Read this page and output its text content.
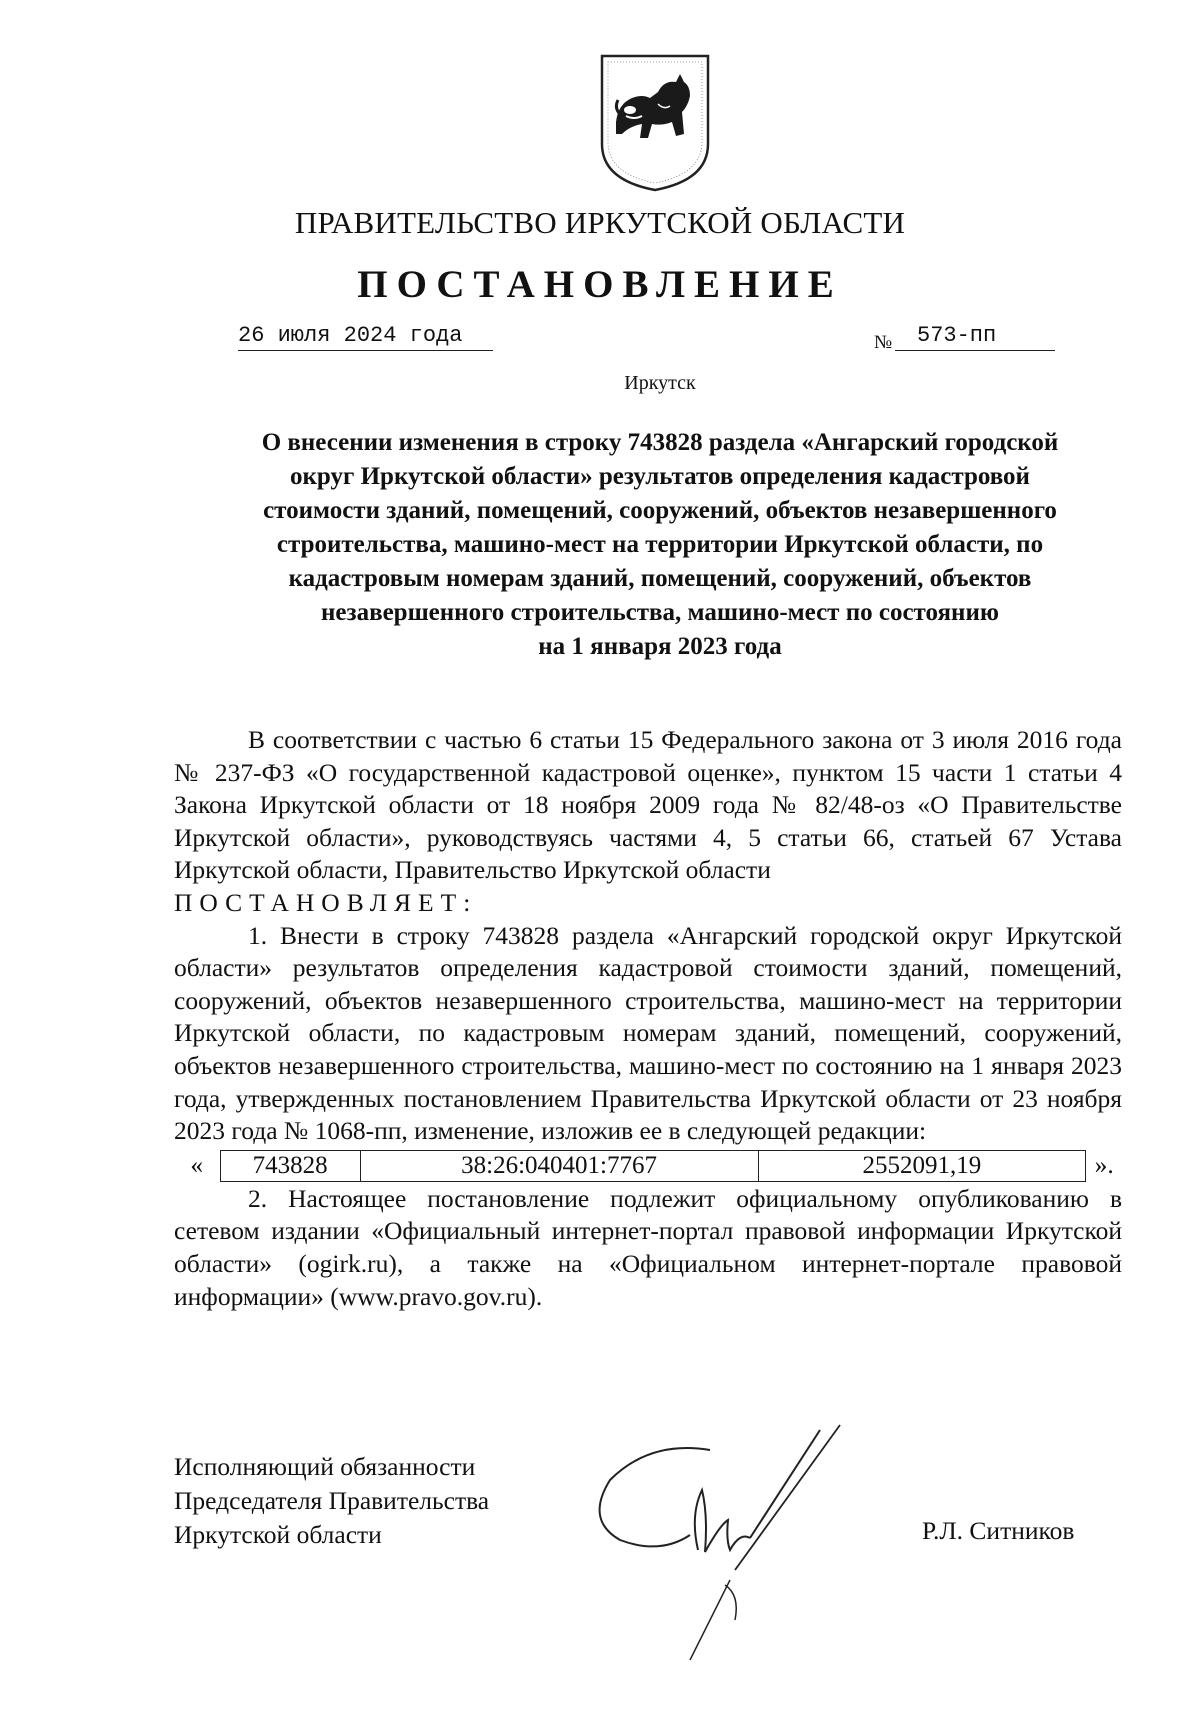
ПРАВИТЕЛЬСТВО ИРКУТСКОЙ ОБЛАСТИ
ПОСТАНОВЛЕНИЕ
26 июля 2024 года	№	573-пп
Иркутск
О внесении изменения в строку 743828 раздела «Ангарский городской
округ Иркутской области» результатов определения кадастровой
стоимости зданий, помещений, сооружений, объектов незавершенного
строительства, машино-мест на территории Иркутской области, по
кадастровым номерам зданий, помещений, сооружений, объектов
незавершенного строительства, машино-мест по состоянию
на 1 января 2023 года

В соответствии с частью 6 статьи 15 Федерального закона от 3 июля 2016 года № 237-ФЗ «О государственной кадастровой оценке», пунктом 15 части 1 статьи 4 Закона Иркутской области от 18 ноября 2009 года № 82/48-оз «О Правительстве Иркутской области», руководствуясь частями 4, 5 статьи 66, статьей 67 Устава Иркутской области, Правительство Иркутской области

ПОСТАНОВЛЯЕТ:

1. Внести в строку 743828 раздела «Ангарский городской округ Иркутской области» результатов определения кадастровой стоимости зданий, помещений, сооружений, объектов незавершенного строительства, машино-мест на территории Иркутской области, по кадастровым номерам зданий, помещений, сооружений, объектов незавершенного строительства, машино-мест по состоянию на 1 января 2023 года, утвержденных постановлением Правительства Иркутской области от 23 ноября 2023 года № 1068-пп, изменение, изложив ее в следующей редакции:

«	743828	38:26:040401:7767	2552091,19	».

2. Настоящее постановление подлежит официальному опубликованию в сетевом издании «Официальный интернет-портал правовой информации Иркутской области» (ogirk.ru), а также на «Официальном интернет-портале правовой информации» (www.pravo.gov.ru).

Исполняющий обязанности
Председателя Правительства
Иркутской области	Р.Л. Ситников
